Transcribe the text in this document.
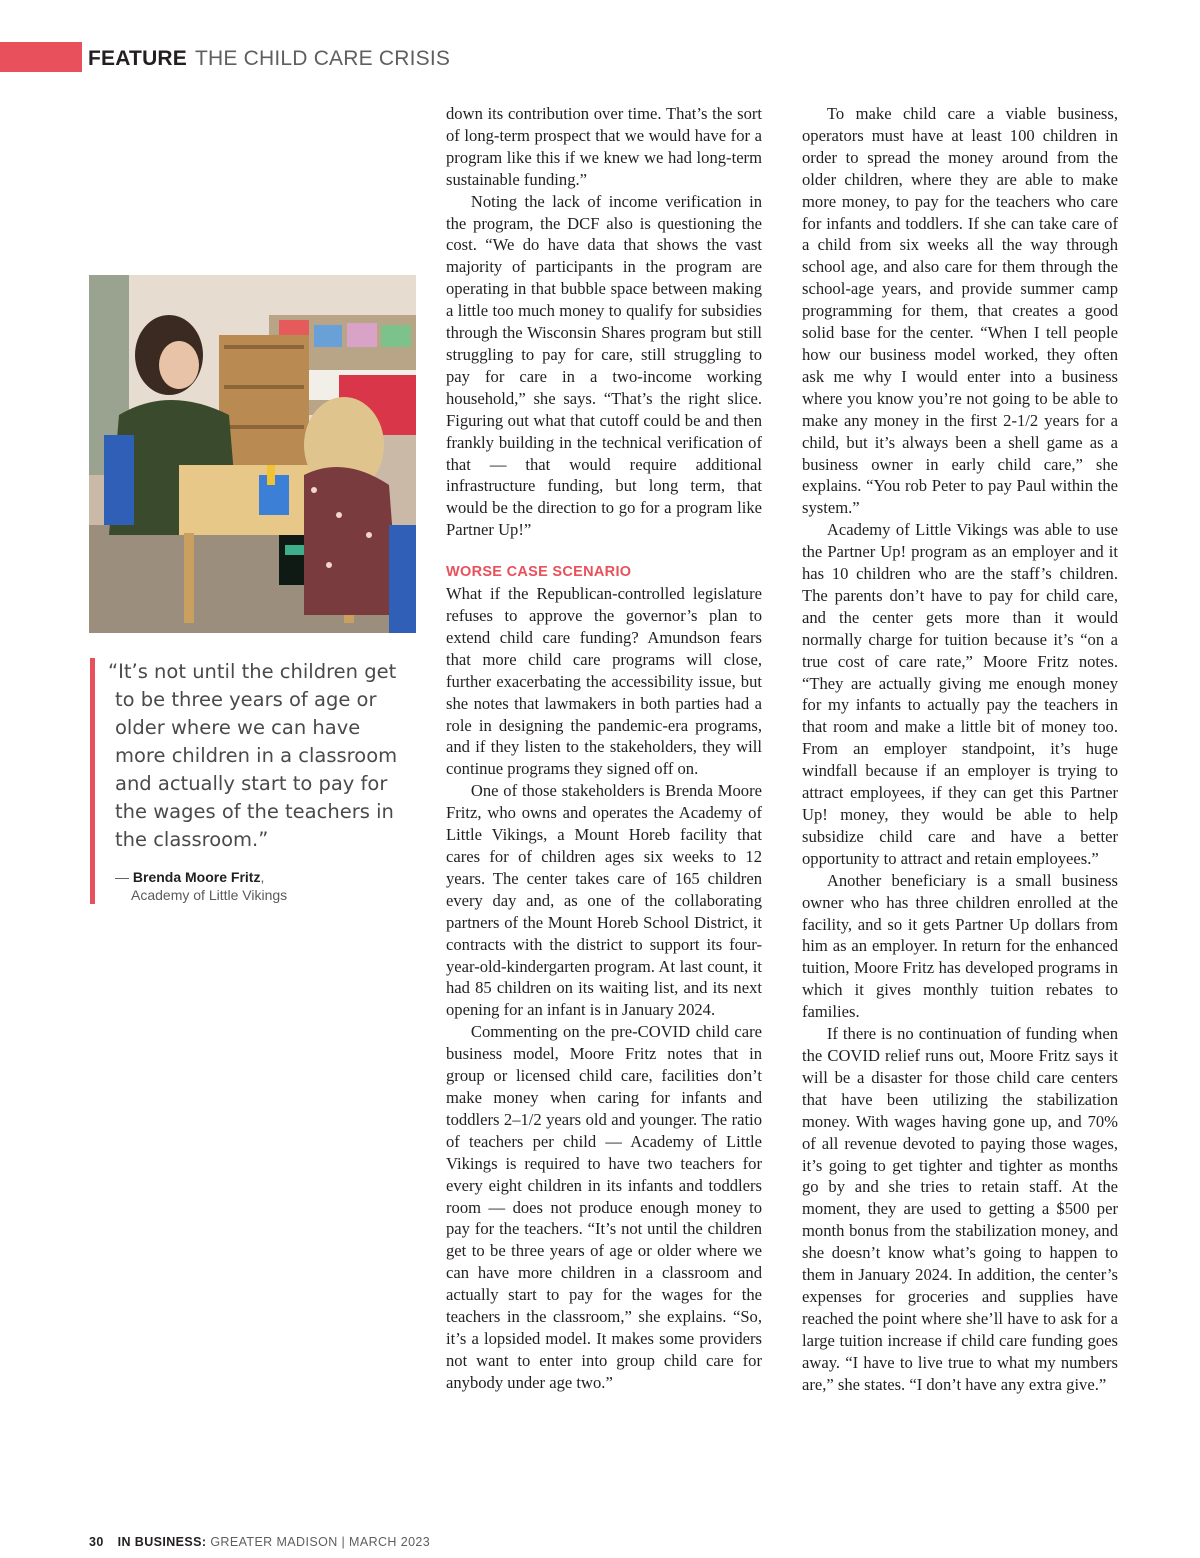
FEATURE THE CHILD CARE CRISIS

“It’s not until the children get to be three years of age or older where we can have more children in a classroom and actually start to pay for the wages of the teachers in the classroom.”

— Brenda Moore Fritz,
Academy of Little Vikings

down its contribution over time. That’s the sort of long-term prospect that we would have for a program like this if we knew we had long-term sustainable funding.”

Noting the lack of income verification in the program, the DCF also is questioning the cost. “We do have data that shows the vast majority of participants in the program are operating in that bubble space between making a little too much money to qualify for subsidies through the Wisconsin Shares program but still struggling to pay for care, still struggling to pay for care in a two-income working household,” she says. “That’s the right slice. Figuring out what that cutoff could be and then frankly building in the technical verification of that — that would require additional infrastructure funding, but long term, that would be the direction to go for a program like Partner Up!”

WORSE CASE SCENARIO

What if the Republican-controlled legislature refuses to approve the governor’s plan to extend child care funding? Amundson fears that more child care programs will close, further exacerbating the accessibility issue, but she notes that lawmakers in both parties had a role in designing the pandemic-era programs, and if they listen to the stakeholders, they will continue programs they signed off on.

One of those stakeholders is Brenda Moore Fritz, who owns and operates the Academy of Little Vikings, a Mount Horeb facility that cares for of children ages six weeks to 12 years. The center takes care of 165 children every day and, as one of the collaborating partners of the Mount Horeb School District, it contracts with the district to support its four-year-old-kindergarten program. At last count, it had 85 children on its waiting list, and its next opening for an infant is in January 2024.

Commenting on the pre-COVID child care business model, Moore Fritz notes that in group or licensed child care, facilities don’t make money when caring for infants and toddlers 2–1/2 years old and younger. The ratio of teachers per child — Academy of Little Vikings is required to have two teachers for every eight children in its infants and toddlers room — does not produce enough money to pay for the teachers. “It’s not until the children get to be three years of age or older where we can have more children in a classroom and actually start to pay for the wages for the teachers in the classroom,” she explains. “So, it’s a lopsided model. It makes some providers not want to enter into group child care for anybody under age two.”

To make child care a viable business, operators must have at least 100 children in order to spread the money around from the older children, where they are able to make more money, to pay for the teachers who care for infants and toddlers. If she can take care of a child from six weeks all the way through school age, and also care for them through the school-age years, and provide summer camp programming for them, that creates a good solid base for the center. “When I tell people how our business model worked, they often ask me why I would enter into a business where you know you’re not going to be able to make any money in the first 2-1/2 years for a child, but it’s always been a shell game as a business owner in early child care,” she explains. “You rob Peter to pay Paul within the system.”

Academy of Little Vikings was able to use the Partner Up! program as an employer and it has 10 children who are the staff’s children. The parents don’t have to pay for child care, and the center gets more than it would normally charge for tuition because it’s “on a true cost of care rate,” Moore Fritz notes. “They are actually giving me enough money for my infants to actually pay the teachers in that room and make a little bit of money too. From an employer standpoint, it’s huge windfall because if an employer is trying to attract employees, if they can get this Partner Up! money, they would be able to help subsidize child care and have a better opportunity to attract and retain employees.”

Another beneficiary is a small business owner who has three children enrolled at the facility, and so it gets Partner Up dollars from him as an employer. In return for the enhanced tuition, Moore Fritz has developed programs in which it gives monthly tuition rebates to families.

If there is no continuation of funding when the COVID relief runs out, Moore Fritz says it will be a disaster for those child care centers that have been utilizing the stabilization money. With wages having gone up, and 70% of all revenue devoted to paying those wages, it’s going to get tighter and tighter as months go by and she tries to retain staff. At the moment, they are used to getting a $500 per month bonus from the stabilization money, and she doesn’t know what’s going to happen to them in January 2024. In addition, the center’s expenses for groceries and supplies have reached the point where she’ll have to ask for a large tuition increase if child care funding goes away. “I have to live true to what my numbers are,” she states. “I don’t have any extra give.”

30 IN BUSINESS: GREATER MADISON | MARCH 2023
